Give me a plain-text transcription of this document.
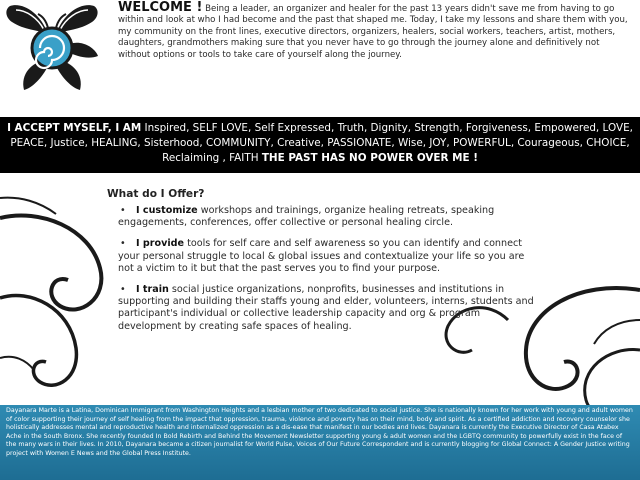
WELCOME ! Being a leader, an organizer and healer for the past 13 years didn't save me from having to go within and look at who I had become and the past that shaped me. Today, I take my lessons and share them with you, my community on the front lines, executive directors, organizers, healers, social workers, teachers, artist, mothers, daughters, grandmothers making sure that you never have to go through the journey alone and definitively not without options or tools to take care of yourself along the journey.
I ACCEPT MYSELF, I AM Inspired, SELF LOVE, Self Expressed, Truth, Dignity, Strength, Forgiveness, Empowered, LOVE, PEACE, Justice, HEALING, Sisterhood, COMMUNITY, Creative, PASSIONATE, Wise, JOY, POWERFUL, Courageous, CHOICE, Reclaiming , FAITH THE PAST HAS NO POWER OVER ME !
What do I Offer?
• I customize workshops and trainings, organize healing retreats, speaking engagements, conferences, offer collective or personal healing circle.
• I provide tools for self care and self awareness so you can identify and connect your personal struggle to local & global issues and contextualize your life so you are not a victim to it but that the past serves you to find your purpose.
• I train social justice organizations, nonprofits, businesses and institutions in supporting and building their staffs young and elder, volunteers, interns, students and participant's individual or collective leadership capacity and org & program development by creating safe spaces of healing.
Dayanara Marte is a Latina, Dominican Immigrant from Washington Heights and a lesbian mother of two dedicated to social justice. She is nationally known for her work with young and adult women of color supporting their journey of self healing from the impact that oppression, trauma, violence and poverty has on their mind, body and spirit. As a certified addiction and recovery counselor she holistically addresses mental and reproductive health and internalized oppression as a dis-ease that manifest in our bodies and lives. Dayanara is currently the Executive Director of Casa Atabex Ache in the South Bronx. She recently founded In Bold Rebirth and Behind the Movement Newsletter supporting young & adult women and the LGBTQ community to powerfully exist in the face of the many wars in their lives. In 2010, Dayanara became a citizen journalist for World Pulse, Voices of Our Future Correspondent and is currently blogging for Global Connect: A Gender Justice writing project with Women E News and the Global Press Institute.
